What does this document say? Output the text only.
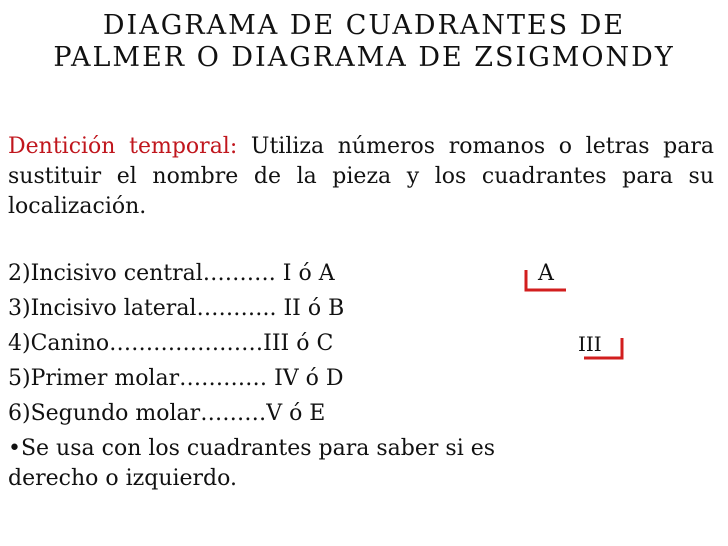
DIAGRAMA DE CUADRANTES DE PALMER O DIAGRAMA DE ZSIGMONDY
Dentición temporal: Utiliza números romanos o letras para sustituir el nombre de la pieza y los cuadrantes para su localización.
2)Incisivo central………. I ó A
3)Incisivo lateral……….. II ó B
4)Canino…………………III ó C
5)Primer molar………… IV ó D
6)Segundo molar………V ó E
•Se usa con los cuadrantes para saber si es
derecho o izquierdo.
A
III
